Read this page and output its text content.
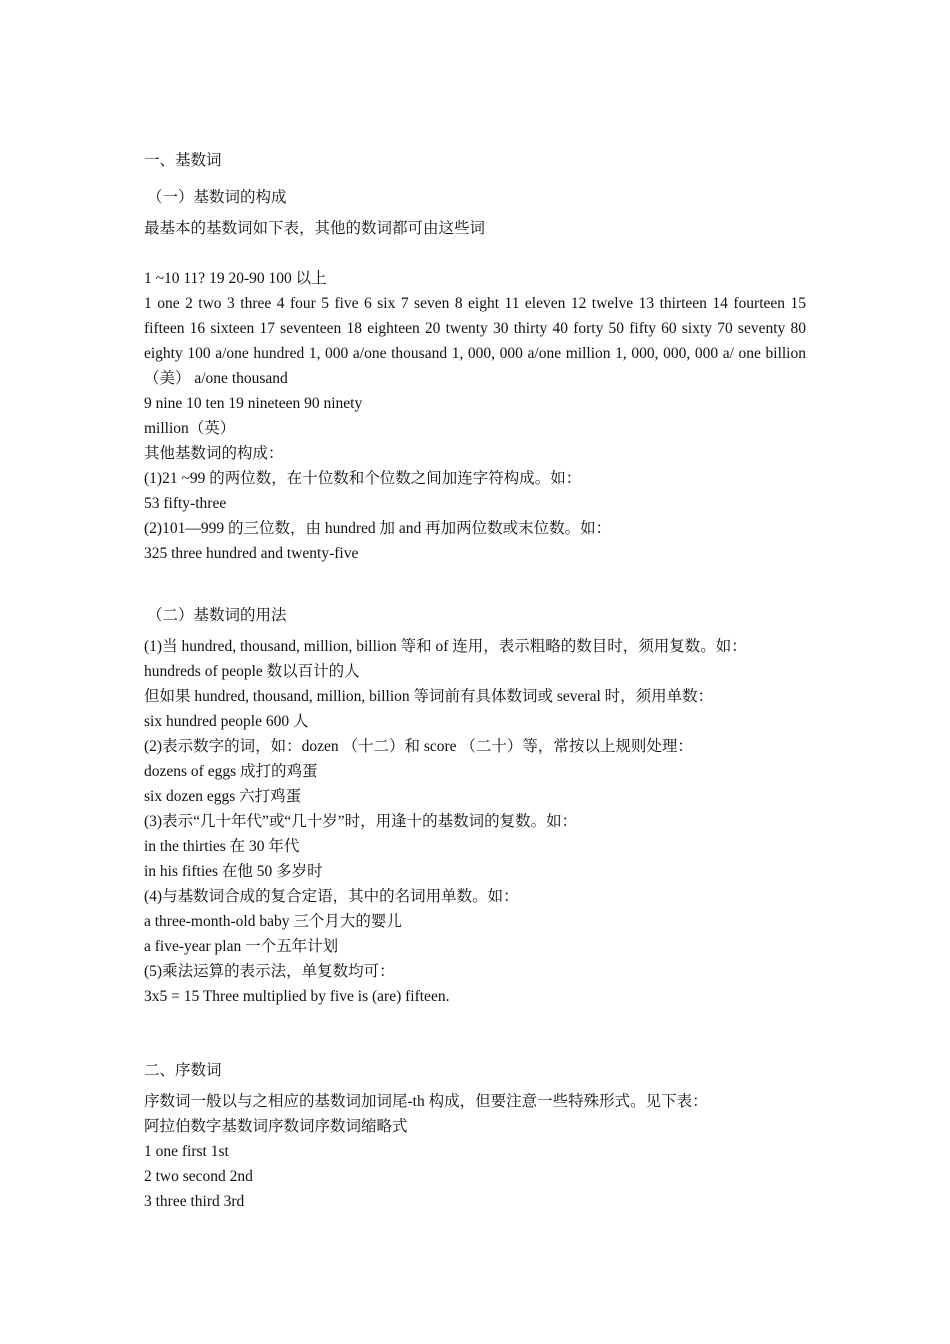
一、基数词
（一）基数词的构成
最基本的基数词如下表，其他的数词都可由这些词
1 ~10 11? 19 20-90 100 以上
1 one 2 two 3 three 4 four 5 five 6 six 7 seven 8 eight 11 eleven 12 twelve 13 thirteen 14 fourteen 15 fifteen 16 sixteen 17 seventeen 18 eighteen 20 twenty 30 thirty 40 forty 50 fifty 60 sixty 70 seventy 80 eighty 100 a/one hundred 1, 000 a/one thousand 1, 000, 000 a/one million 1, 000, 000, 000 a/ one billion （美） a/one thousand
9 nine 10 ten 19 nineteen 90 ninety
million（英）
其他基数词的构成：
(1)21 ~99 的两位数，在十位数和个位数之间加连字符构成。如：
53 fifty-three
(2)101—999 的三位数，由 hundred 加 and 再加两位数或末位数。如：
325 three hundred and twenty-five
（二）基数词的用法
(1)当 hundred, thousand, million, billion 等和 of 连用，表示粗略的数目时，须用复数。如：
hundreds of people 数以百计的人
但如果 hundred, thousand, million, billion 等词前有具体数词或 several 时，须用单数：
six hundred people 600 人
(2)表示数字的词，如：dozen （十二）和 score （二十）等，常按以上规则处理：
dozens of eggs 成打的鸡蛋
six dozen eggs 六打鸡蛋
(3)表示“几十年代”或“几十岁”时，用逢十的基数词的复数。如：
in the thirties 在 30 年代
in his fifties 在他 50 多岁时
(4)与基数词合成的复合定语，其中的名词用单数。如：
a three-month-old baby 三个月大的婴儿
a five-year plan 一个五年计划
(5)乘法运算的表示法，单复数均可：
3x5 = 15 Three multiplied by five is (are) fifteen.
二、序数词
序数词一般以与之相应的基数词加词尾-th 构成，但要注意一些特殊形式。见下表：
阿拉伯数字基数词序数词序数词缩略式
1 one first 1st
2 two second 2nd
3 three third 3rd
